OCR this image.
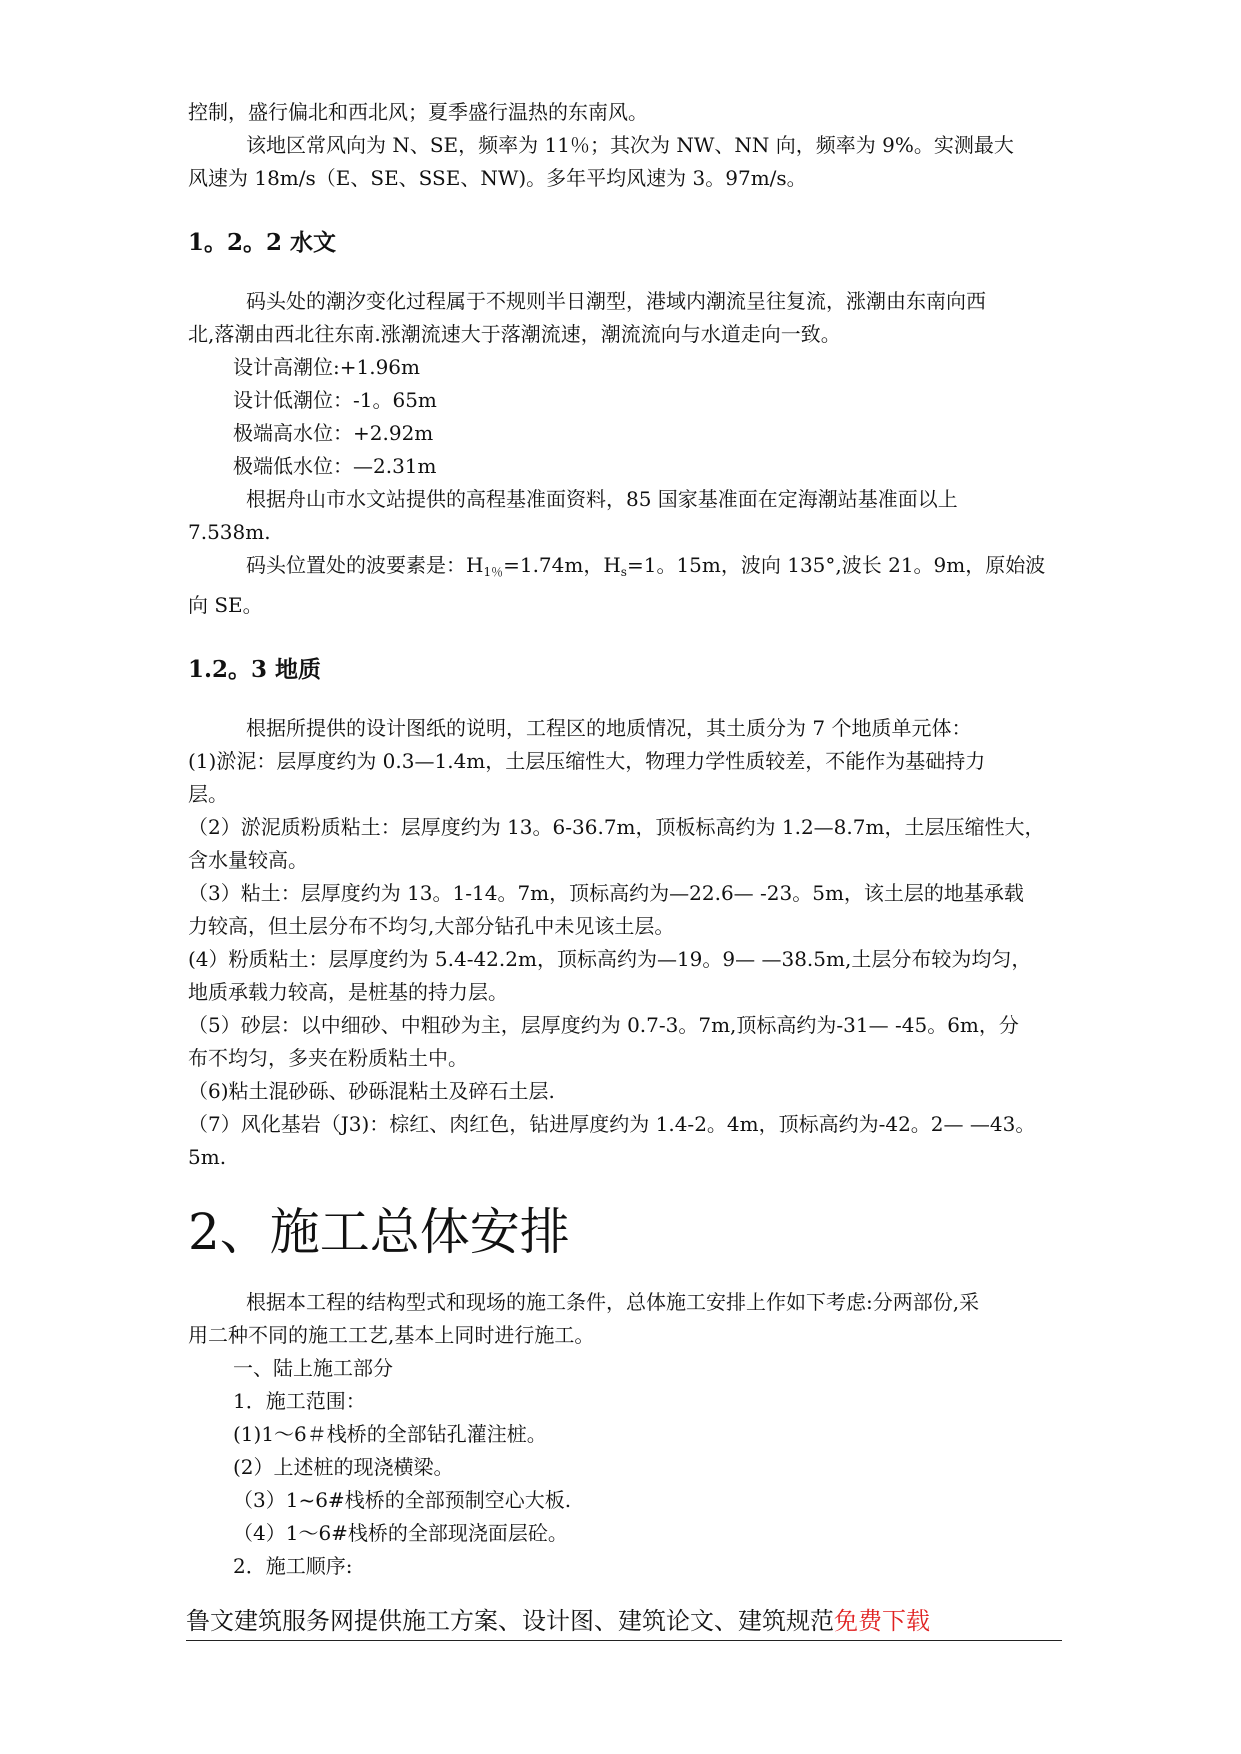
控制，盛行偏北和西北风；夏季盛行温热的东南风。

该地区常风向为 N、SE，频率为 11％；其次为 NW、NN 向，频率为 9%。实测最大

风速为 18m/s（E、SE、SSE、NW)。多年平均风速为 3。97m/s。

1。2。2 水文

码头处的潮汐变化过程属于不规则半日潮型，港域内潮流呈往复流，涨潮由东南向西

北,落潮由西北往东南.涨潮流速大于落潮流速，潮流流向与水道走向一致。

设计高潮位:+1.96m

设计低潮位：-1。65m

极端高水位：+2.92m

极端低水位：—2.31m

根据舟山市水文站提供的高程基准面资料，85 国家基准面在定海潮站基准面以上

7.538m.

码头位置处的波要素是：$H_{1\%}=1.74m$，$H_s=1$。15m，波向 135°,波长 21。9m，原始波

向 SE。

1.2。3 地质

根据所提供的设计图纸的说明，工程区的地质情况，其土质分为 7 个地质单元体：

(1)淤泥：层厚度约为 0.3—1.4m，土层压缩性大，物理力学性质较差，不能作为基础持力

层。

（2）淤泥质粉质粘土：层厚度约为 13。6-36.7m，顶板标高约为 1.2—8.7m，土层压缩性大，

含水量较高。

（3）粘土：层厚度约为 13。1-14。7m，顶标高约为—22.6— -23。5m，该土层的地基承载

力较高，但土层分布不均匀,大部分钻孔中未见该土层。

(4）粉质粘土：层厚度约为 5.4-42.2m，顶标高约为—19。9— —38.5m,土层分布较为均匀，

地质承载力较高，是桩基的持力层。

（5）砂层：以中细砂、中粗砂为主，层厚度约为 0.7-3。7m,顶标高约为-31— -45。6m，分

布不均匀，多夹在粉质粘土中。

（6)粘土混砂砾、砂砾混粘土及碎石土层.

（7）风化基岩（J3)：棕红、肉红色，钻进厚度约为 1.4-2。4m，顶标高约为-42。2— —43。

5m.

2、施工总体安排

根据本工程的结构型式和现场的施工条件，总体施工安排上作如下考虑:分两部份,采

用二种不同的施工工艺,基本上同时进行施工。

一、陆上施工部分

1．施工范围：

(1)1～6＃栈桥的全部钻孔灌注桩。

(2）上述桩的现浇横梁。

（3）1~6#栈桥的全部预制空心大板.

（4）1～6#栈桥的全部现浇面层砼。

2．施工顺序:

鲁文建筑服务网提供施工方案、设计图、建筑论文、建筑规范免费下载
